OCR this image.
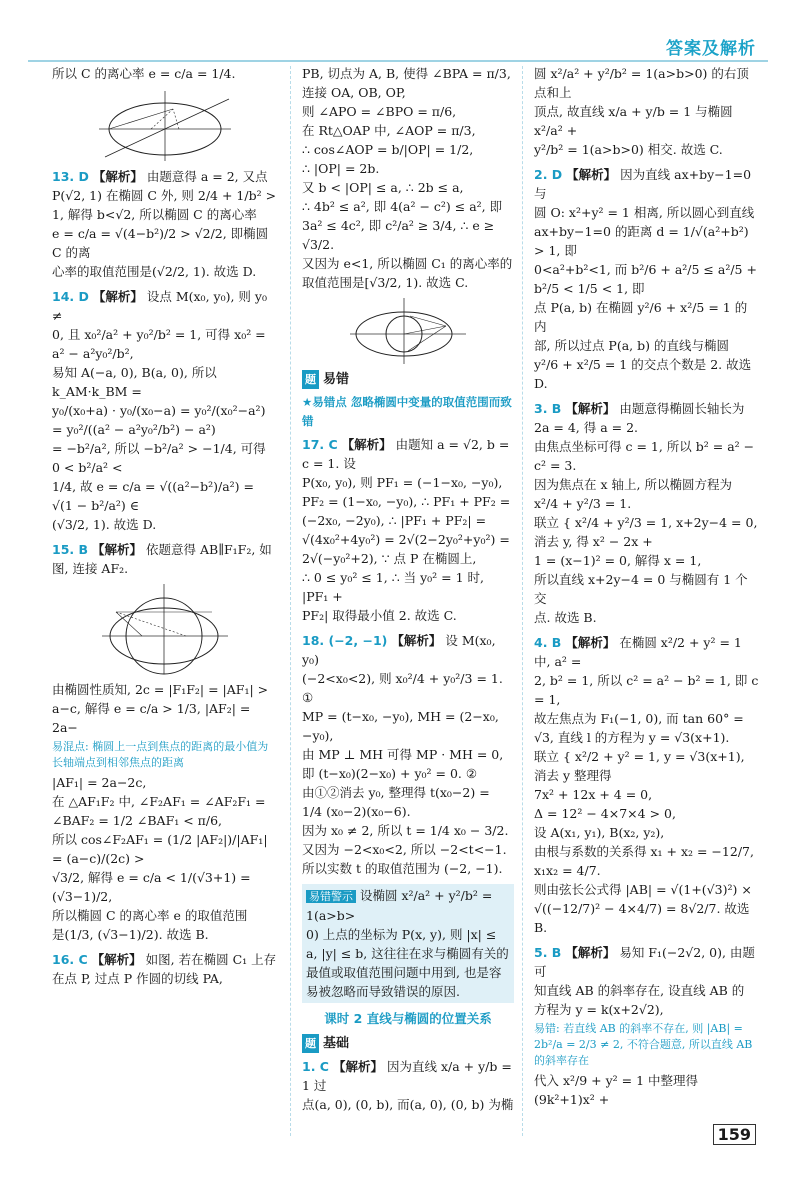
答案及解析

所以 C 的离心率 e = c/a = 1/4.

13. D 【解析】 由题意得 a = 2, 又点

P(√2, 1) 在椭圆 C 外, 则 2/4 + 1/b² >

1, 解得 b<√2, 所以椭圆 C 的离心率

e = c/a = √(4−b²)/2 > √2/2, 即椭圆 C 的离

心率的取值范围是(√2/2, 1). 故选 D.

14. D 【解析】 设点 M(x₀, y₀), 则 y₀ ≠

0, 且 x₀²/a² + y₀²/b² = 1, 可得 x₀² = a² − a²y₀²/b²,

易知 A(−a, 0), B(a, 0), 所以 k_AM·k_BM =

y₀/(x₀+a) · y₀/(x₀−a) = y₀²/(x₀²−a²) = y₀²/((a² − a²y₀²/b²) − a²)

= −b²/a², 所以 −b²/a² > −1/4, 可得 0 < b²/a² <

1/4, 故 e = c/a = √((a²−b²)/a²) = √(1 − b²/a²) ∈

(√3/2, 1). 故选 D.

15. B 【解析】 依题意得 AB∥F₁F₂, 如

图, 连接 AF₂.

由椭圆性质知, 2c = |F₁F₂| = |AF₁| >

a−c, 解得 e = c/a > 1/3, |AF₂| = 2a−

易混点: 椭圆上一点到焦点的距离的最小值为长轴端点到相邻焦点的距离

|AF₁| = 2a−2c,

在 △AF₁F₂ 中, ∠F₂AF₁ = ∠AF₂F₁ =

∠BAF₂ = 1/2 ∠BAF₁ < π/6,

所以 cos∠F₂AF₁ = (1/2 |AF₂|)/|AF₁| = (a−c)/(2c) >

√3/2, 解得 e = c/a < 1/(√3+1) = (√3−1)/2,

所以椭圆 C 的离心率 e 的取值范围

是(1/3, (√3−1)/2). 故选 B.

16. C 【解析】 如图, 若在椭圆 C₁ 上存

在点 P, 过点 P 作圆的切线 PA,

PB, 切点为 A, B, 使得 ∠BPA = π/3,

连接 OA, OB, OP,

则 ∠APO = ∠BPO = π/6,

在 Rt△OAP 中, ∠AOP = π/3,

∴ cos∠AOP = b/|OP| = 1/2,

∴ |OP| = 2b.

又 b < |OP| ≤ a, ∴ 2b ≤ a,

∴ 4b² ≤ a², 即 4(a² − c²) ≤ a², 即

3a² ≤ 4c², 即 c²/a² ≥ 3/4, ∴ e ≥ √3/2.

又因为 e<1, 所以椭圆 C₁ 的离心率的

取值范围是[√3/2, 1). 故选 C.

题 易错

★易错点 忽略椭圆中变量的取值范围而致错

17. C 【解析】 由题知 a = √2, b = c = 1. 设

P(x₀, y₀), 则 PF₁ = (−1−x₀, −y₀),

PF₂ = (1−x₀, −y₀), ∴ PF₁ + PF₂ =

(−2x₀, −2y₀), ∴ |PF₁ + PF₂| =

√(4x₀²+4y₀²) = 2√(2−2y₀²+y₀²) =

2√(−y₀²+2), ∵ 点 P 在椭圆上,

∴ 0 ≤ y₀² ≤ 1, ∴ 当 y₀² = 1 时, |PF₁ +

PF₂| 取得最小值 2. 故选 C.

18. (−2, −1) 【解析】 设 M(x₀, y₀)

(−2<x₀<2), 则 x₀²/4 + y₀²/3 = 1. ①

MP = (t−x₀, −y₀), MH = (2−x₀, −y₀),

由 MP ⊥ MH 可得 MP · MH = 0,

即 (t−x₀)(2−x₀) + y₀² = 0. ②

由①②消去 y₀, 整理得 t(x₀−2) =

1/4 (x₀−2)(x₀−6).

因为 x₀ ≠ 2, 所以 t = 1/4 x₀ − 3/2.

又因为 −2<x₀<2, 所以 −2<t<−1.

所以实数 t 的取值范围为 (−2, −1).

易错警示 设椭圆 x²/a² + y²/b² = 1(a>b>

0) 上点的坐标为 P(x, y), 则 |x| ≤

a, |y| ≤ b, 这往往在求与椭圆有关的

最值或取值范围问题中用到, 也是容

易被忽略而导致错误的原因.

课时 2 直线与椭圆的位置关系

题 基础

1. C 【解析】 因为直线 x/a + y/b = 1 过

点(a, 0), (0, b), 而(a, 0), (0, b) 为椭

圆 x²/a² + y²/b² = 1(a>b>0) 的右顶点和上

顶点, 故直线 x/a + y/b = 1 与椭圆 x²/a² +

y²/b² = 1(a>b>0) 相交. 故选 C.

2. D 【解析】 因为直线 ax+by−1=0 与

圆 O: x²+y² = 1 相离, 所以圆心到直线

ax+by−1=0 的距离 d = 1/√(a²+b²) > 1, 即

0<a²+b²<1, 而 b²/6 + a²/5 ≤ a²/5 + b²/5 < 1/5 < 1, 即

点 P(a, b) 在椭圆 y²/6 + x²/5 = 1 的内

部, 所以过点 P(a, b) 的直线与椭圆

y²/6 + x²/5 = 1 的交点个数是 2. 故选 D.

3. B 【解析】 由题意得椭圆长轴长为

2a = 4, 得 a = 2.

由焦点坐标可得 c = 1, 所以 b² = a² −

c² = 3.

因为焦点在 x 轴上, 所以椭圆方程为

x²/4 + y²/3 = 1.

联立 { x²/4 + y²/3 = 1, x+2y−4 = 0, 消去 y, 得 x² − 2x +

1 = (x−1)² = 0, 解得 x = 1,

所以直线 x+2y−4 = 0 与椭圆有 1 个交

点. 故选 B.

4. B 【解析】 在椭圆 x²/2 + y² = 1 中, a² =

2, b² = 1, 所以 c² = a² − b² = 1, 即 c = 1,

故左焦点为 F₁(−1, 0), 而 tan 60° =

√3, 直线 l 的方程为 y = √3(x+1).

联立 { x²/2 + y² = 1, y = √3(x+1), 消去 y 整理得

7x² + 12x + 4 = 0,

Δ = 12² − 4×7×4 > 0,

设 A(x₁, y₁), B(x₂, y₂),

由根与系数的关系得 x₁ + x₂ = −12/7,

x₁x₂ = 4/7.

则由弦长公式得 |AB| = √(1+(√3)²) ×

√((−12/7)² − 4×4/7) = 8√2/7. 故选 B.

5. B 【解析】 易知 F₁(−2√2, 0), 由题可

知直线 AB 的斜率存在, 设直线 AB 的

方程为 y = k(x+2√2),

易错: 若直线 AB 的斜率不存在, 则 |AB| = 2b²/a = 2/3 ≠ 2, 不符合题意, 所以直线 AB 的斜率存在

代入 x²/9 + y² = 1 中整理得 (9k²+1)x² +

159
